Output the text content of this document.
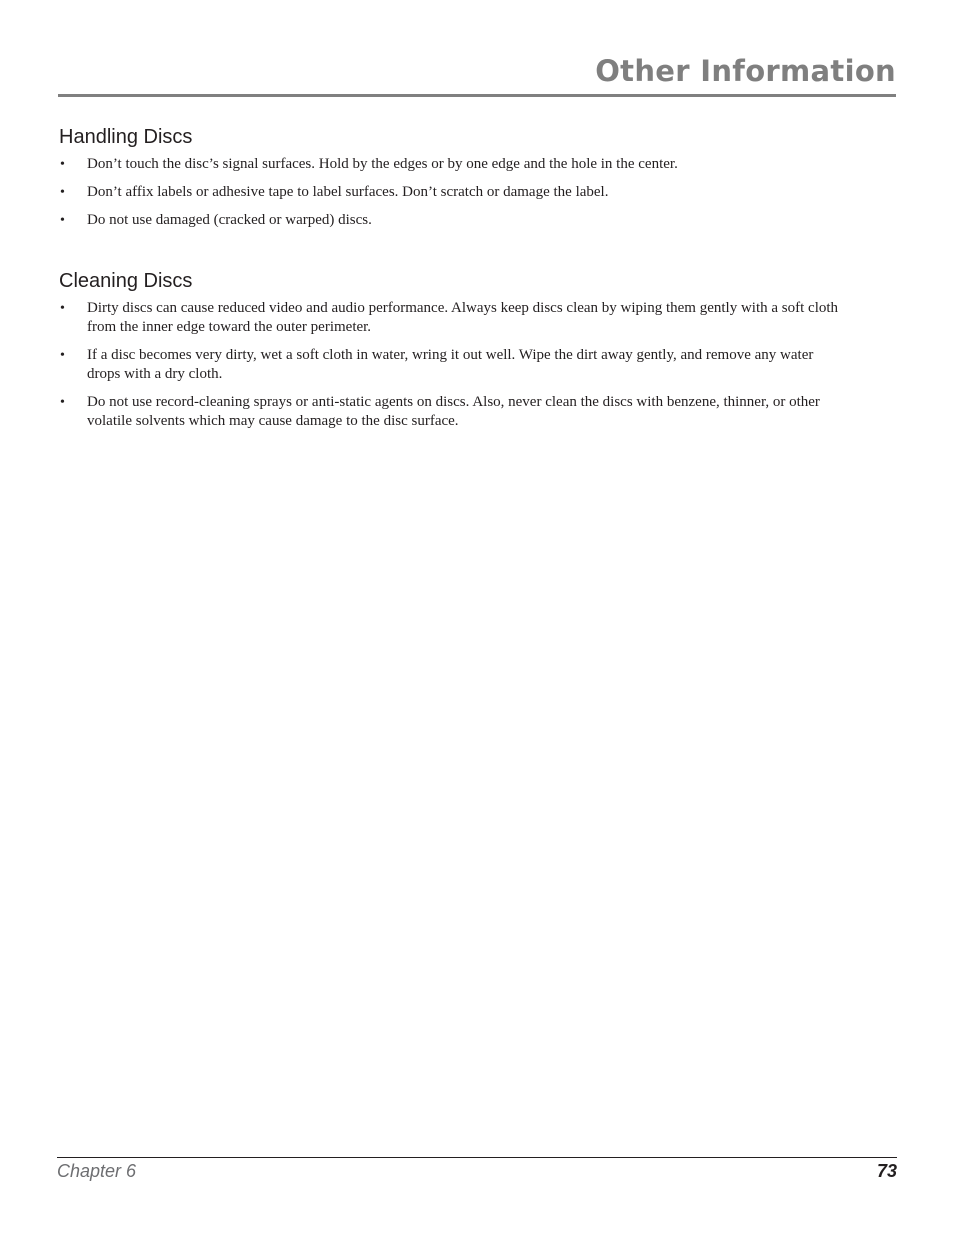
Other Information
Handling Discs
• Don’t touch the disc’s signal surfaces. Hold by the edges or by one edge and the hole in the center.
• Don’t affix labels or adhesive tape to label surfaces. Don’t scratch or damage the label.
• Do not use damaged (cracked or warped) discs.
Cleaning Discs
• Dirty discs can cause reduced video and audio performance. Always keep discs clean by wiping them gently with a soft cloth from the inner edge toward the outer perimeter.
• If a disc becomes very dirty, wet a soft cloth in water, wring it out well. Wipe the dirt away gently, and remove any water drops with a dry cloth.
• Do not use record-cleaning sprays or anti-static agents on discs. Also, never clean the discs with benzene, thinner, or other volatile solvents which may cause damage to the disc surface.
Chapter 6	73
